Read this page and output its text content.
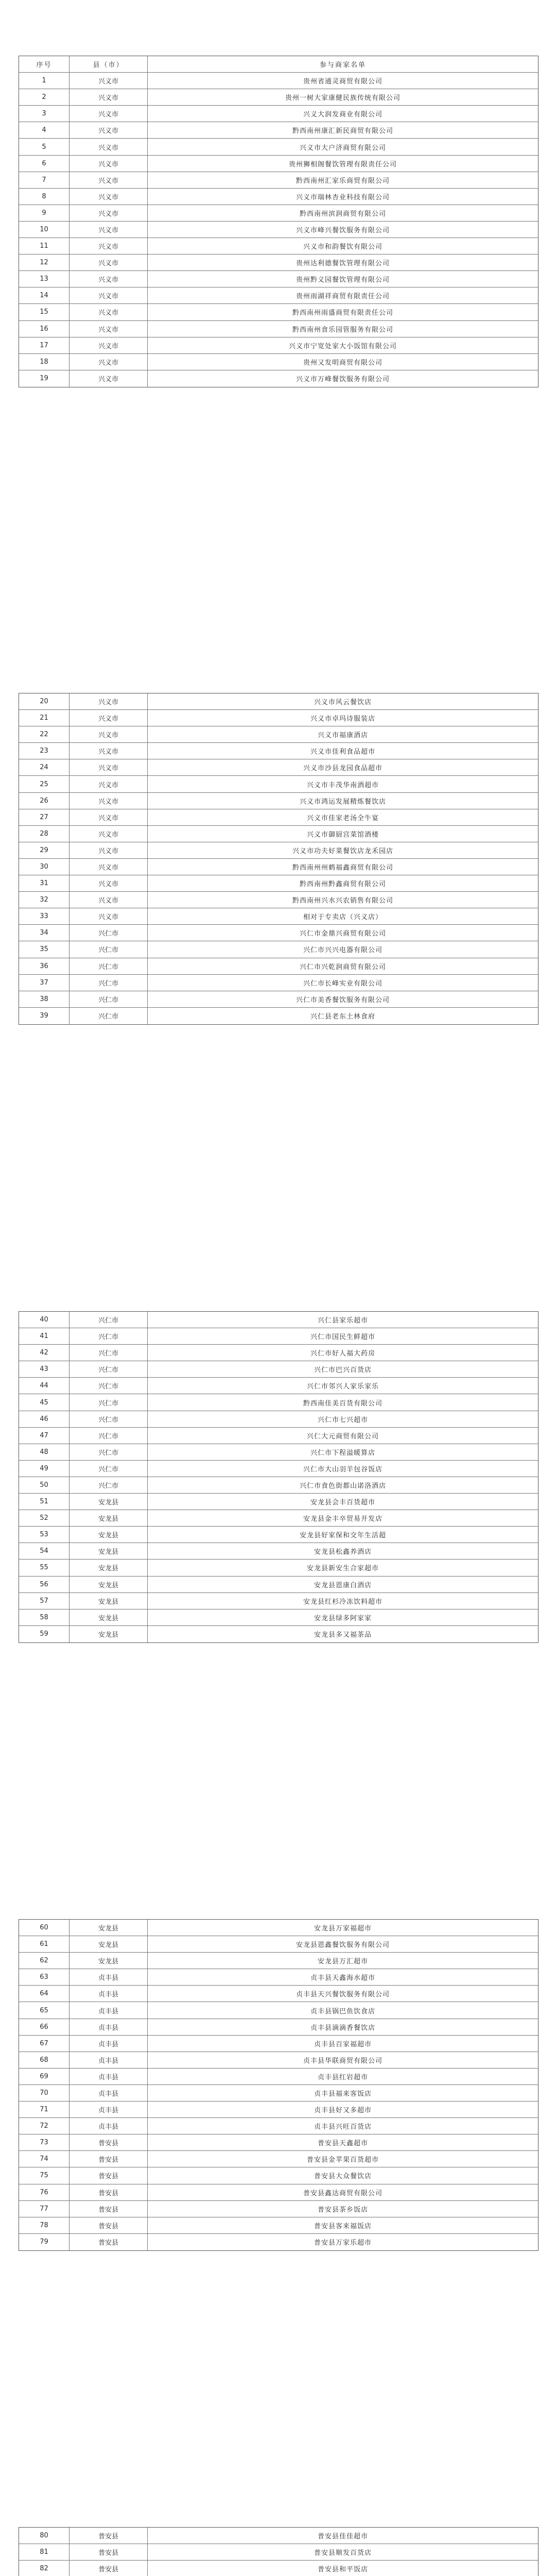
序号	县（市）	参与商家名单
1	兴义市	贵州省通灵商贸有限公司
2	兴义市	贵州一树大家康健民族传统有限公司
3	兴义市	兴义大润发商业有限公司
4	兴义市	黔西南州康汇新民商贸有限公司
5	兴义市	兴义市大户济商贸有限公司
6	兴义市	贵州狮相阁餐饮管理有限责任公司
7	兴义市	黔西南州汇家乐商贸有限公司
8	兴义市	兴义市瑞林杏业科技有限公司
9	兴义市	黔西南州滨润商贸有限公司
10	兴义市	兴义市峰兴餐饮服务有限公司
11	兴义市	兴义市和韵餐饮有限公司
12	兴义市	贵州达利德餐饮管理有限公司
13	兴义市	贵州黔义园餐饮管理有限公司
14	兴义市	贵州雨湖祥商贸有限责任公司
15	兴义市	黔西南州雨盛商贸有限责任公司
16	兴义市	黔西南州食乐园管服务有限公司
17	兴义市	兴义市宁宽处家大小饭馆有限公司
18	兴义市	贵州又发明商贸有限公司
19	兴义市	兴义市万峰餐饮服务有限公司
20	兴义市	兴义市风云餐饮店
21	兴义市	兴义市卓玛诗服装店
22	兴义市	兴义市福康酒店
23	兴义市	兴义市佳利食品超市
24	兴义市	兴义市沙县龙园食品超市
25	兴义市	兴义市丰茂华南酒超市
26	兴义市	兴义市鸿运发展精炼餐饮店
27	兴义市	兴义市佳家老汤全牛宴
28	兴义市	兴义市御厨宫菜馆酒楼
29	兴义市	兴义市功夫好菜餐饮店龙禾园店
30	兴义市	黔西南州州鹤福鑫商贸有限公司
31	兴义市	黔西南州黔鑫商贸有限公司
32	兴义市	黔西南州兴水兴农销售有限公司
33	兴义市	相对于专卖店（兴义店）
34	兴仁市	兴仁市金鼎兴商贸有限公司
35	兴仁市	兴仁市兴兴电器有限公司
36	兴仁市	兴仁市兴乾润商贸有限公司
37	兴仁市	兴仁市长峰实业有限公司
38	兴仁市	兴仁市美香餐饮服务有限公司
39	兴仁市	兴仁县老东土林食府
40	兴仁市	兴仁县家乐超市
41	兴仁市	兴仁市国民生鲜超市
42	兴仁市	兴仁市好人福大药房
43	兴仁市	兴仁市巴兴百货店
44	兴仁市	兴仁市邻兴人家乐家乐
45	兴仁市	黔西南佳美百货有限公司
46	兴仁市	兴仁市七兴超市
47	兴仁市	兴仁大元商贸有限公司
48	兴仁市	兴仁市下程溢暖算店
49	兴仁市	兴仁市大山羽羊包谷饭店
50	兴仁市	兴仁市食色街都山诺洛酒店
51	安龙县	安龙县会丰百货超市
52	安龙县	安龙县金丰卒贸易开发店
53	安龙县	安龙县好家保和交年生活超
54	安龙县	安龙县松鑫养酒店
55	安龙县	安龙县新安生合家超市
56	安龙县	安龙县恩康白酒店
57	安龙县	安龙县红杉冷冻饮料超市
58	安龙县	安龙县绿多阿家家
59	安龙县	安龙县多又福茶品
60	安龙县	安龙县万家福超市
61	安龙县	安龙县恩鑫餐饮服务有限公司
62	安龙县	安龙县万汇超市
63	贞丰县	贞丰县天鑫海水超市
64	贞丰县	贞丰县天兴餐饮服务有限公司
65	贞丰县	贞丰县锅巴鱼饮食店
66	贞丰县	贞丰县滴滴香餐饮店
67	贞丰县	贞丰县百家福超市
68	贞丰县	贞丰县华联商贸有限公司
69	贞丰县	贞丰县红岩超市
70	贞丰县	贞丰县福来客饭店
71	贞丰县	贞丰县好又多超市
72	贞丰县	贞丰县兴旺百货店
73	普安县	普安县天鑫超市
74	普安县	普安县金苹果百货超市
75	普安县	普安县大众餐饮店
76	普安县	普安县鑫达商贸有限公司
77	普安县	普安县茶乡饭店
78	普安县	普安县客来福饭店
79	普安县	普安县万家乐超市
80	普安县	普安县佳佳超市
81	普安县	普安县顺发百货店
82	普安县	普安县和平饭店
